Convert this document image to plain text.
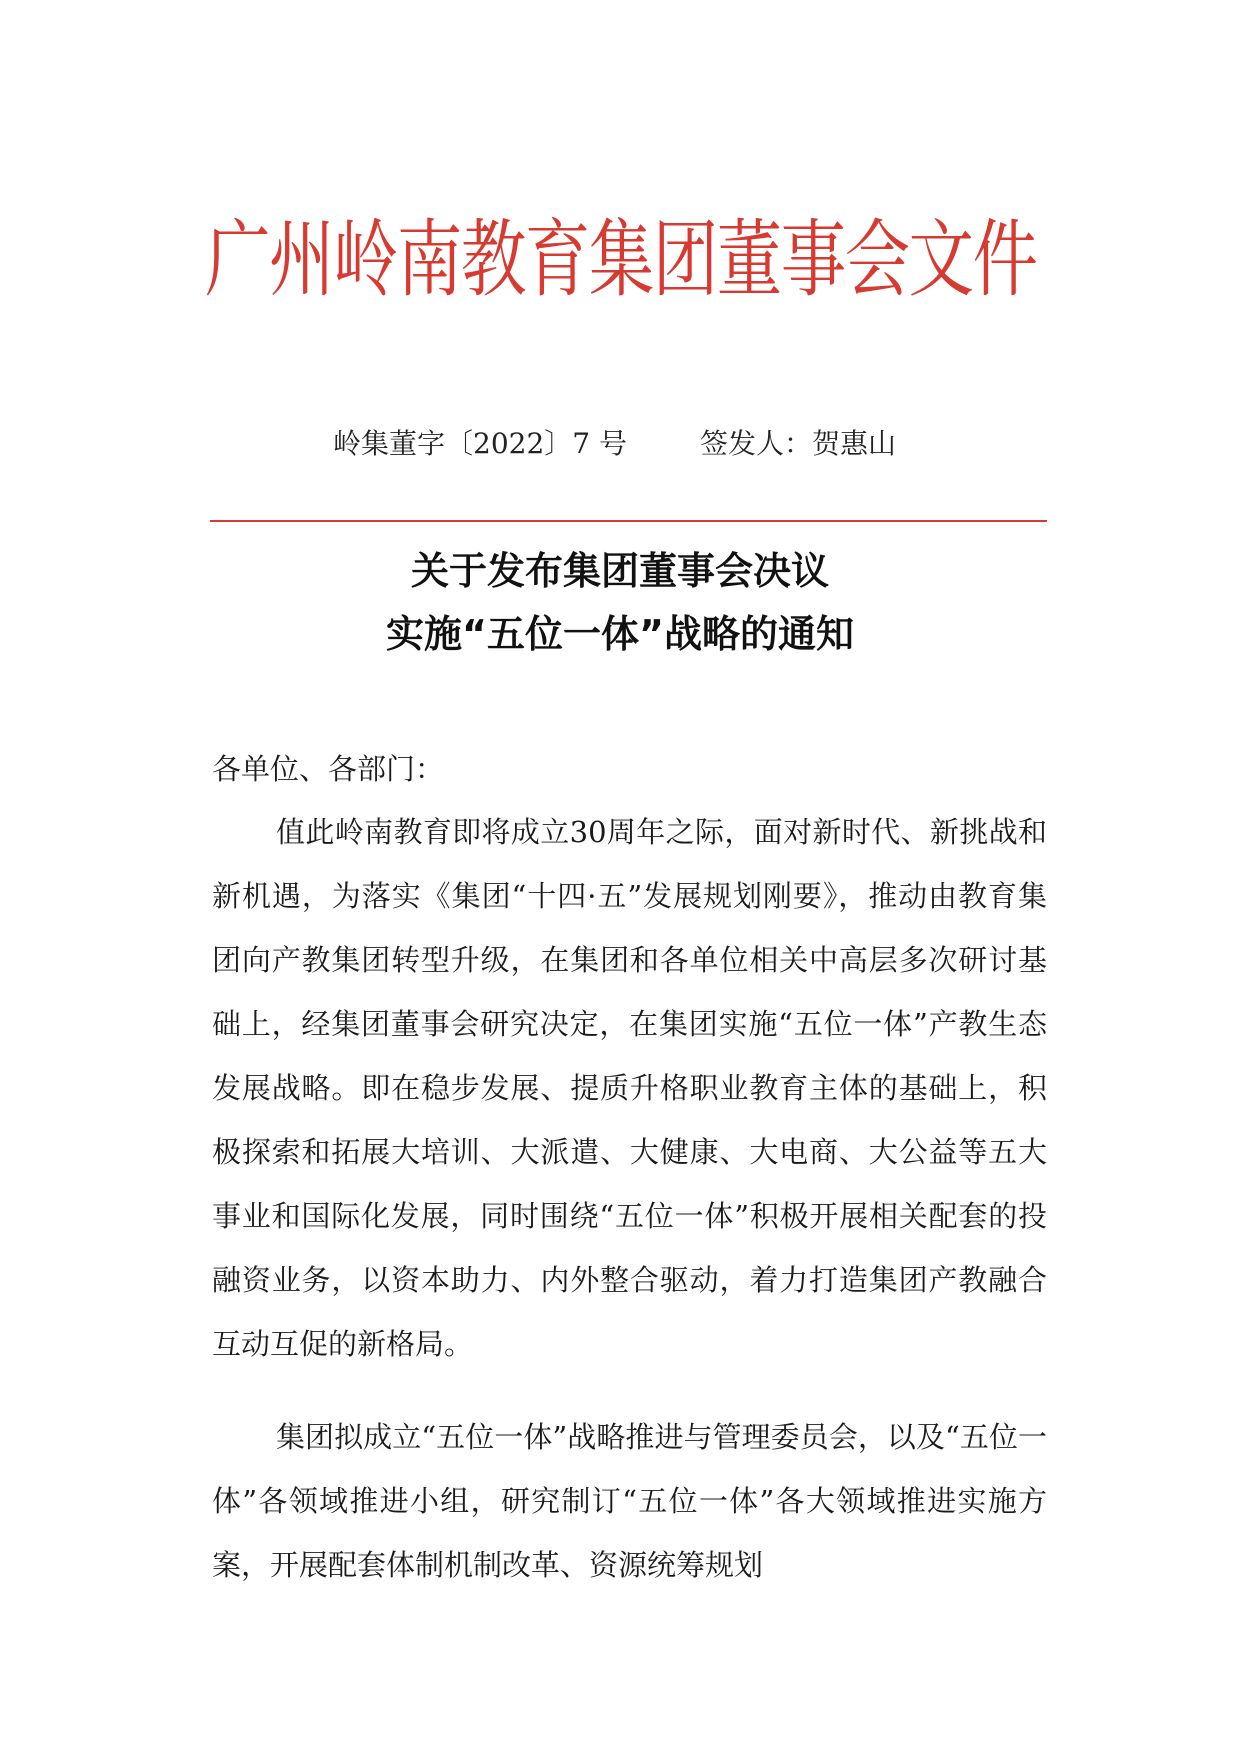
广州岭南教育集团董事会文件
岭集董字〔2022〕7 号	签发人：贺惠山
关于发布集团董事会决议
实施“五位一体”战略的通知
各单位、各部门：
值此岭南教育即将成立30周年之际，面对新时代、新挑战和新机遇，为落实《集团“十四·五”发展规划刚要》，推动由教育集团向产教集团转型升级，在集团和各单位相关中高层多次研讨基础上，经集团董事会研究决定，在集团实施“五位一体”产教生态发展战略。即在稳步发展、提质升格职业教育主体的基础上，积极探索和拓展大培训、大派遣、大健康、大电商、大公益等五大事业和国际化发展，同时围绕“五位一体”积极开展相关配套的投融资业务，以资本助力、内外整合驱动，着力打造集团产教融合互动互促的新格局。
集团拟成立“五位一体”战略推进与管理委员会，以及“五位一体”各领域推进小组，研究制订“五位一体”各大领域推进实施方案，开展配套体制机制改革、资源统筹规划
